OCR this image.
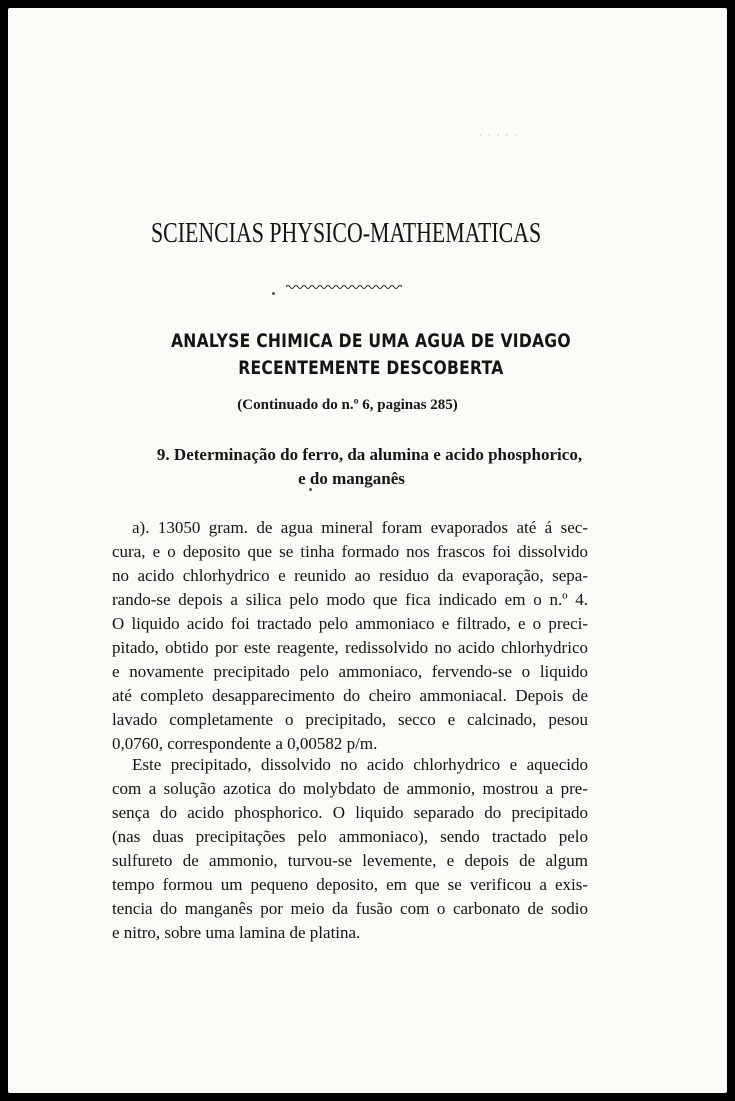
· · · · ·
SCIENCIAS PHYSICO-MATHEMATICAS
ANALYSE CHIMICA DE UMA AGUA DE VIDAGO
RECENTEMENTE DESCOBERTA

(Continuado do n.º 6, paginas 285)

9. Determinação do ferro, da alumina e acido phosphorico,

e do manganês

a). 13050 gram. de agua mineral foram evaporados até á sec-
cura, e o deposito que se tinha formado nos frascos foi dissolvido
no acido chlorhydrico e reunido ao residuo da evaporação, sepa-
rando-se depois a silica pelo modo que fica indicado em o n.º 4.
O liquido acido foi tractado pelo ammoniaco e filtrado, e o preci-
pitado, obtido por este reagente, redissolvido no acido chlorhydrico
e novamente precipitado pelo ammoniaco, fervendo-se o liquido
até completo desapparecimento do cheiro ammoniacal. Depois de
lavado completamente o precipitado, secco e calcinado, pesou
0,0760, correspondente a 0,00582 p/m.
Este precipitado, dissolvido no acido chlorhydrico e aquecido
com a solução azotica do molybdato de ammonio, mostrou a pre-
sença do acido phosphorico. O liquido separado do precipitado
(nas duas precipitações pelo ammoniaco), sendo tractado pelo
sulfureto de ammonio, turvou-se levemente, e depois de algum
tempo formou um pequeno deposito, em que se verificou a exis-
tencia do manganês por meio da fusão com o carbonato de sodio
e nitro, sobre uma lamina de platina.
